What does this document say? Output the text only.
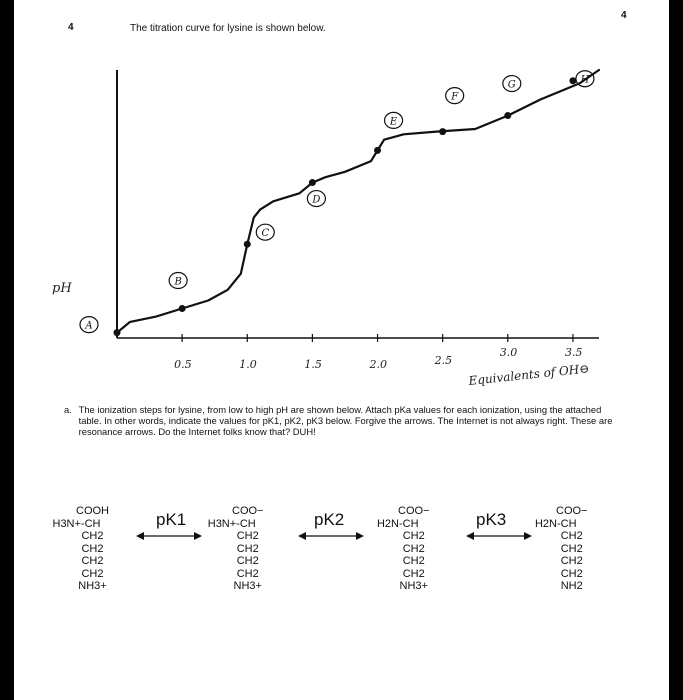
4
4
The titration curve for lysine is shown below.
0.5	1.0	1.5	2.0	2.5
3.0	3.5
A
B
C
D
E
F
G	H
pH
Equivalents of OH⊖
a. The ionization steps for lysine, from low to high pH are shown below. Attach pKa values for each ionization, using the attached table. In other words, indicate the values for pK1, pK2, pK3 below. Forgive the arrows. The Internet is not always right. These are resonance arrows. Do the Internet folks know that? DUH!
COOH
H3N+-CH
CH2
CH2
CH2
CH2
NH3+
pK1	COO−
H3N+-CH
CH2
CH2
CH2
CH2
NH3+
pK2	COO−
H2N-CH
CH2
CH2
CH2
CH2
NH3+
pK3	COO−
H2N-CH
CH2
CH2
CH2
CH2
NH2
